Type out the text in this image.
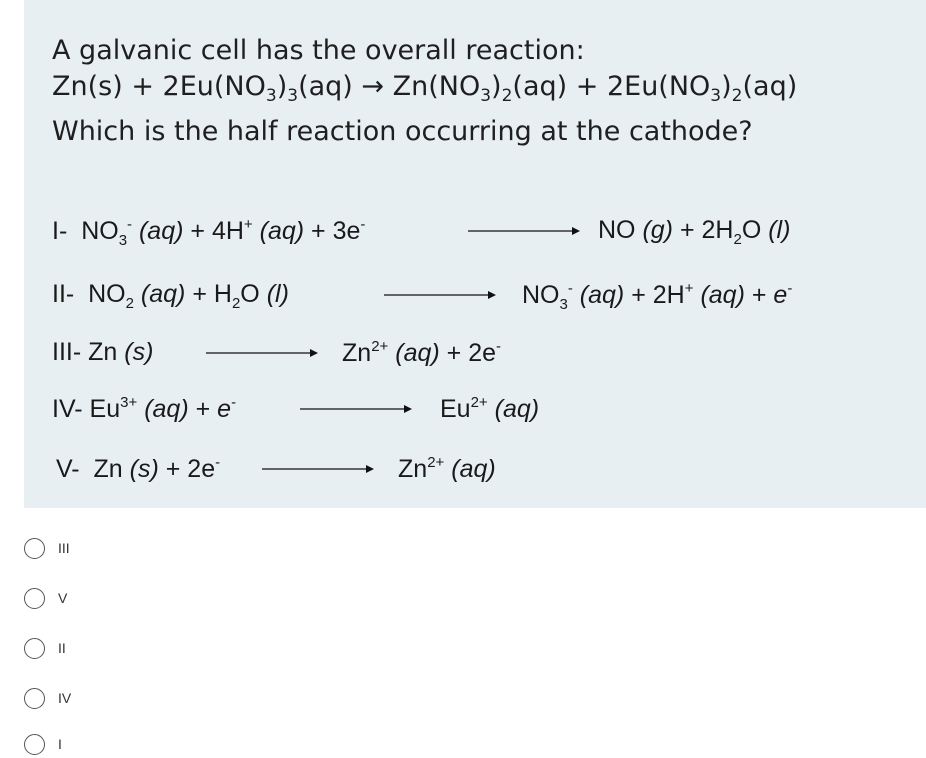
A galvanic cell has the overall reaction:
$Zn(s) + 2Eu(NO_3)_3(aq) \to Zn(NO_3)_2(aq) + 2Eu(NO_3)_2(aq)$
Which is the half reaction occurring at the cathode?
I- $NO_3^-$ (aq) + 4H+ (aq) + 3e-	NO $(g) + 2H_2O$ (l)
II- $NO_2$ $(aq) + H_2O$ (l)	$NO_3^-$ (aq) + 2H+ (aq) + e-
III- Zn (s)	$Zn^{2+}$ (aq) + 2e-
IV- $Eu^{3+}$ (aq) + e-	$Eu^{2+}$ (aq)
V- Zn (s) + 2e-	$Zn^{2+}$ (aq)
III
V
II
IV
I
